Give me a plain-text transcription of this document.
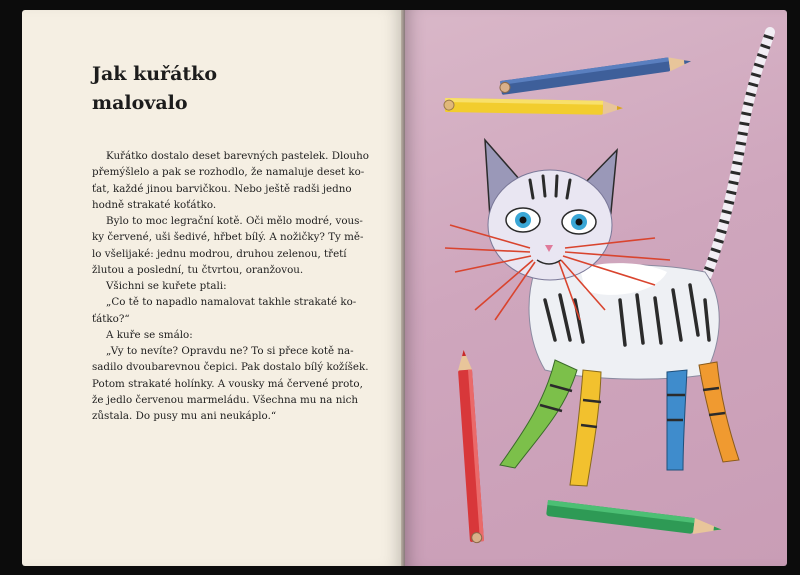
Jak kuřátko
malovalo
Kuřátko dostalo deset barevných pastelek. Dlouho
přemýšlelo a pak se rozhodlo, že namaluje deset ko-
ťat, každé jinou barvičkou. Nebo ještě radši jedno
hodně strakaté koťátko.
Bylo to moc legrační kotě. Oči mělo modré, vous-
ky červené, uši šedivé, hřbet bílý. A nožičky? Ty mě-
lo všelijaké: jednu modrou, druhou zelenou, třetí
žlutou a poslední, tu čtvrtou, oranžovou.
Všichni se kuřete ptali:
„Co tě to napadlo namalovat takhle strakaté ko-
ťátko?“
A kuře se smálo:
„Vy to nevíte? Opravdu ne? To si přece kotě na-
sadilo dvoubarevnou čepici. Pak dostalo bílý kožíšek.
Potom strakaté holínky. A vousky má červené proto,
že jedlo červenou marmeládu. Všechna mu na nich
zůstala. Do pusy mu ani neukáplo.“
